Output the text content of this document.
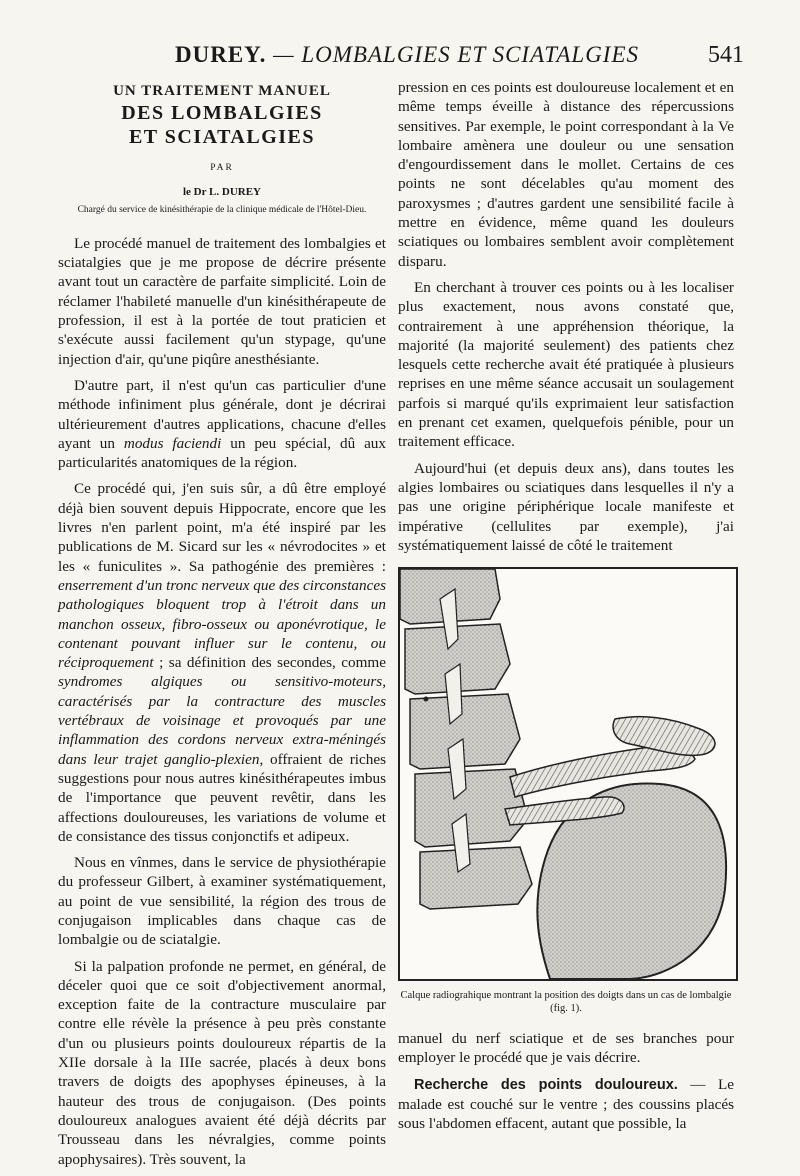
DUREY. — LOMBALGIES ET SCIATALGIES	541
UN TRAITEMENT MANUEL
DES LOMBALGIES
ET SCIATALGIES
PAR
le Dr L. DUREY
Chargé du service de kinésithérapie de la clinique médicale de l'Hôtel-Dieu.

Le procédé manuel de traitement des lombalgies et sciatalgies que je me propose de décrire présente avant tout un caractère de parfaite simplicité. Loin de réclamer l'habileté manuelle d'un kinésithérapeute de profession, il est à la portée de tout praticien et s'exécute aussi facilement qu'un stypage, qu'une injection d'air, qu'une piqûre anesthésiante.

D'autre part, il n'est qu'un cas particulier d'une méthode infiniment plus générale, dont je décrirai ultérieurement d'autres applications, chacune d'elles ayant un modus faciendi un peu spécial, dû aux particularités anatomiques de la région.

Ce procédé qui, j'en suis sûr, a dû être employé déjà bien souvent depuis Hippocrate, encore que les livres n'en parlent point, m'a été inspiré par les publications de M. Sicard sur les « névrodocites » et les « funiculites ». Sa pathogénie des premières : enserrement d'un tronc nerveux que des circonstances pathologiques bloquent trop à l'étroit dans un manchon osseux, fibro-osseux ou aponévrotique, le contenant pouvant influer sur le contenu, ou réciproquement ; sa définition des secondes, comme syndromes algiques ou sensitivo-moteurs, caractérisés par la contracture des muscles vertébraux de voisinage et provoqués par une inflammation des cordons nerveux extra-méningés dans leur trajet ganglio-plexien, offraient de riches suggestions pour nous autres kinésithérapeutes imbus de l'importance que peuvent revêtir, dans les affections douloureuses, les variations de volume et de consistance des tissus conjonctifs et adipeux.

Nous en vînmes, dans le service de physiothérapie du professeur Gilbert, à examiner systématiquement, au point de vue sensibilité, la région des trous de conjugaison implicables dans chaque cas de lombalgie ou de sciatalgie.

Si la palpation profonde ne permet, en général, de déceler quoi que ce soit d'objectivement anormal, exception faite de la contracture musculaire par contre elle révèle la présence à peu près constante d'un ou plusieurs points douloureux répartis de la XIIe dorsale à la IIIe sacrée, placés à deux bons travers de doigts des apophyses épineuses, à la hauteur des trous de conjugaison. (Des points douloureux analogues avaient été déjà décrits par Trousseau dans les névralgies, comme points apophysaires). Très souvent, la

pression en ces points est douloureuse localement et en même temps éveille à distance des répercussions sensitives. Par exemple, le point correspondant à la Ve lombaire amènera une douleur ou une sensation d'engourdissement dans le mollet. Certains de ces points ne sont décelables qu'au moment des paroxysmes ; d'autres gardent une sensibilité facile à mettre en évidence, même quand les douleurs sciatiques ou lombaires semblent avoir complètement disparu.

En cherchant à trouver ces points ou à les localiser plus exactement, nous avons constaté que, contrairement à une appréhension théorique, la majorité (la majorité seulement) des patients chez lesquels cette recherche avait été pratiquée à plusieurs reprises en une même séance accusait un soulagement parfois si marqué qu'ils exprimaient leur satisfaction en prenant cet examen, quelquefois pénible, pour un traitement efficace.

Aujourd'hui (et depuis deux ans), dans toutes les algies lombaires ou sciatiques dans lesquelles il n'y a pas une origine périphérique locale manifeste et impérative (cellulites par exemple), j'ai systématiquement laissé de côté le traitement

Calque radiograhique montrant la position des doigts dans un cas de lombalgie (fig. 1).

manuel du nerf sciatique et de ses branches pour employer le procédé que je vais décrire.

Recherche des points douloureux. — Le malade est couché sur le ventre ; des coussins placés sous l'abdomen effacent, autant que possible, la
